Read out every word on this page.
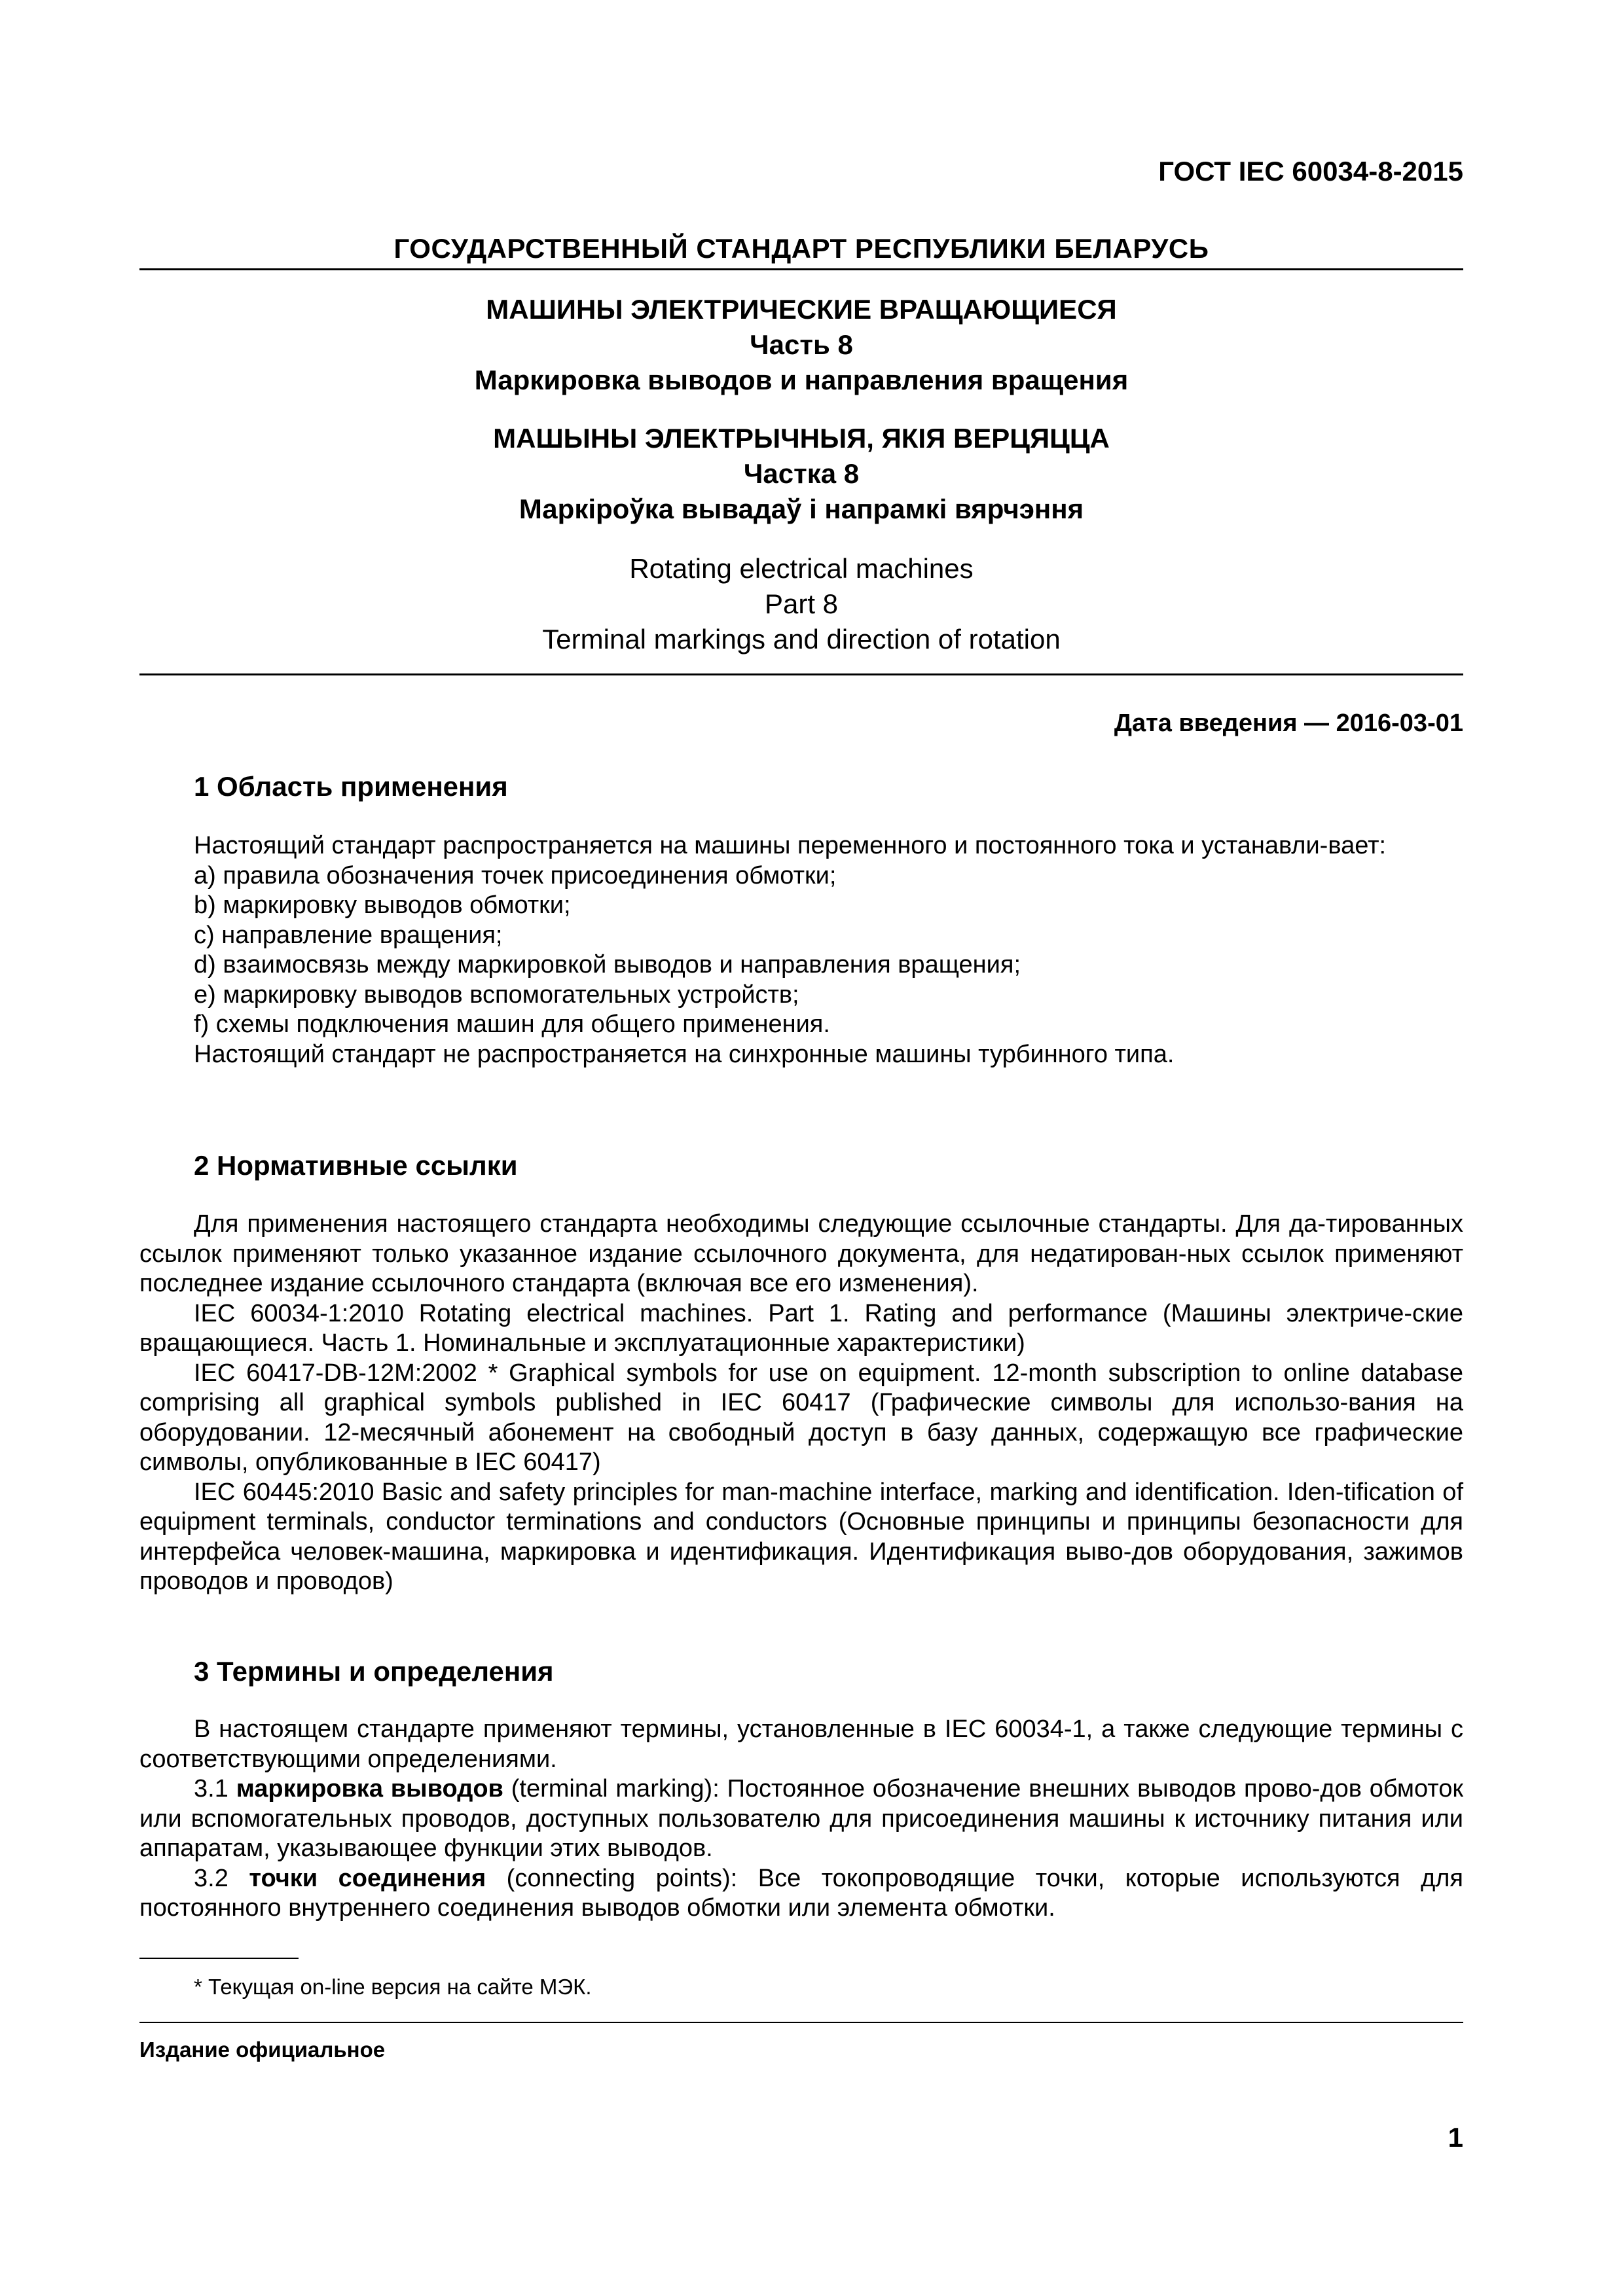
ГОСТ IEC 60034-8-2015
ГОСУДАРСТВЕННЫЙ СТАНДАРТ РЕСПУБЛИКИ БЕЛАРУСЬ
МАШИНЫ ЭЛЕКТРИЧЕСКИЕ ВРАЩАЮЩИЕСЯ
Часть 8
Маркировка выводов и направления вращения
МАШЫНЫ ЭЛЕКТРЫЧНЫЯ, ЯКІЯ ВЕРЦЯЦЦА
Частка 8
Маркіроўка вывадаў і напрамкі вярчэння
Rotating electrical machines
Part 8
Terminal markings and direction of rotation
Дата введения — 2016-03-01
1 Область применения

Настоящий стандарт распространяется на машины переменного и постоянного тока и устанавли-вает:

a) правила обозначения точек присоединения обмотки;

b) маркировку выводов обмотки;

c) направление вращения;

d) взаимосвязь между маркировкой выводов и направления вращения;

e) маркировку выводов вспомогательных устройств;

f) схемы подключения машин для общего применения.

Настоящий стандарт не распространяется на синхронные машины турбинного типа.

2 Нормативные ссылки

Для применения настоящего стандарта необходимы следующие ссылочные стандарты. Для да-тированных ссылок применяют только указанное издание ссылочного документа, для недатирован-ных ссылок применяют последнее издание ссылочного стандарта (включая все его изменения).

IEC 60034-1:2010 Rotating electrical machines. Part 1. Rating and performance (Машины электриче-ские вращающиеся. Часть 1. Номинальные и эксплуатационные характеристики)

IEC 60417-DB-12M:2002 * Graphical symbols for use on equipment. 12-month subscription to online database comprising all graphical symbols published in IEC 60417 (Графические символы для использо-вания на оборудовании. 12-месячный абонемент на свободный доступ в базу данных, содержащую все графические символы, опубликованные в IEC 60417)

IEC 60445:2010 Basic and safety principles for man-machine interface, marking and identification. Iden-tification of equipment terminals, conductor terminations and conductors (Основные принципы и принципы безопасности для интерфейса человек-машина, маркировка и идентификация. Идентификация выво-дов оборудования, зажимов проводов и проводов)

3 Термины и определения

В настоящем стандарте применяют термины, установленные в IEC 60034-1, а также следующие термины с соответствующими определениями.

3.1 маркировка выводов (terminal marking): Постоянное обозначение внешних выводов прово-дов обмоток или вспомогательных проводов, доступных пользователю для присоединения машины к источнику питания или аппаратам, указывающее функции этих выводов.

3.2 точки соединения (connecting points): Все токопроводящие точки, которые используются для постоянного внутреннего соединения выводов обмотки или элемента обмотки.

* Текущая on-line версия на сайте МЭК.
Издание официальное
1
